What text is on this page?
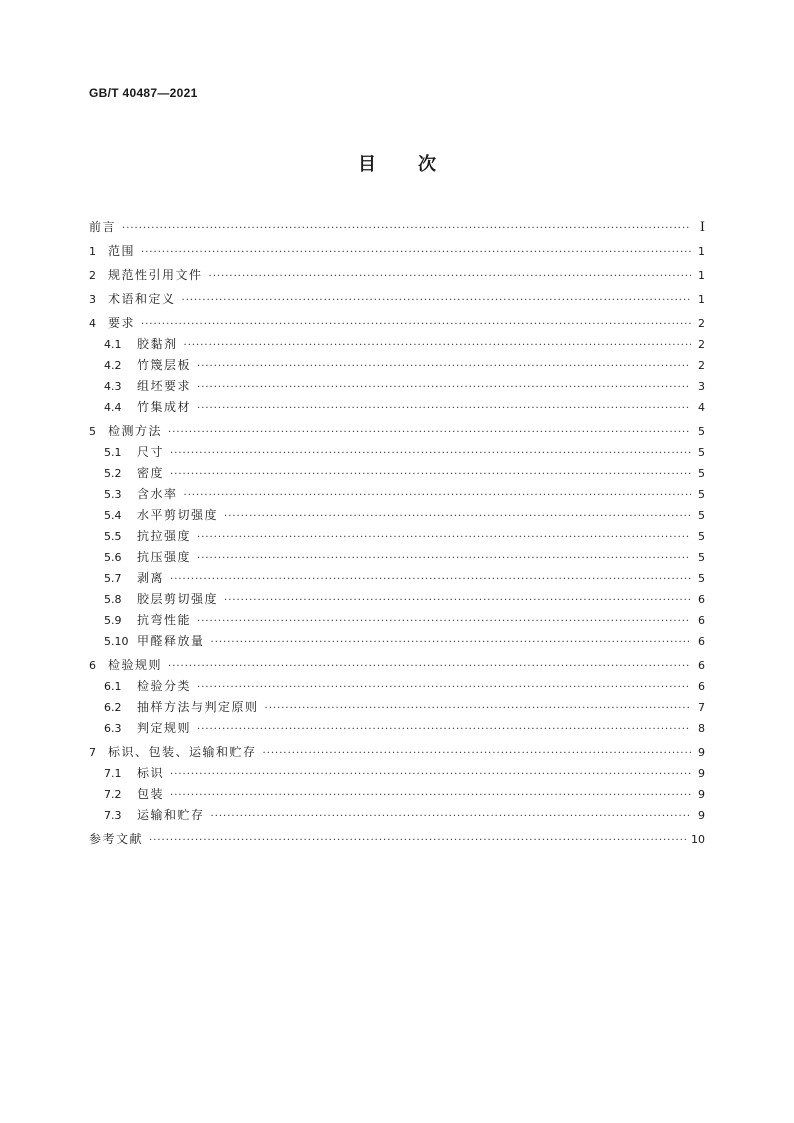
GB/T 40487—2021
目次
前言 ·····	I
1 范围 ·····	1
2 规范性引用文件 ·····	1
3 术语和定义 ·····	1
4 要求 ·····	2
4.1 胶黏剂 ·····	2
4.2 竹篾层板 ·····	2
4.3 组坯要求 ·····	3
4.4 竹集成材 ·····	4
5 检测方法 ·····	5
5.1 尺寸 ·····	5
5.2 密度 ·····	5
5.3 含水率 ·····	5
5.4 水平剪切强度 ·····	5
5.5 抗拉强度 ·····	5
5.6 抗压强度 ·····	5
5.7 剥离 ·····	5
5.8 胶层剪切强度 ·····	6
5.9 抗弯性能 ·····	6
5.10 甲醛释放量 ·····	6
6 检验规则 ·····	6
6.1 检验分类 ·····	6
6.2 抽样方法与判定原则 ·····	7
6.3 判定规则 ·····	8
7 标识、包装、运输和贮存 ·····	9
7.1 标识 ·····	9
7.2 包装 ·····	9
7.3 运输和贮存 ·····	9
参考文献 ·····	10
